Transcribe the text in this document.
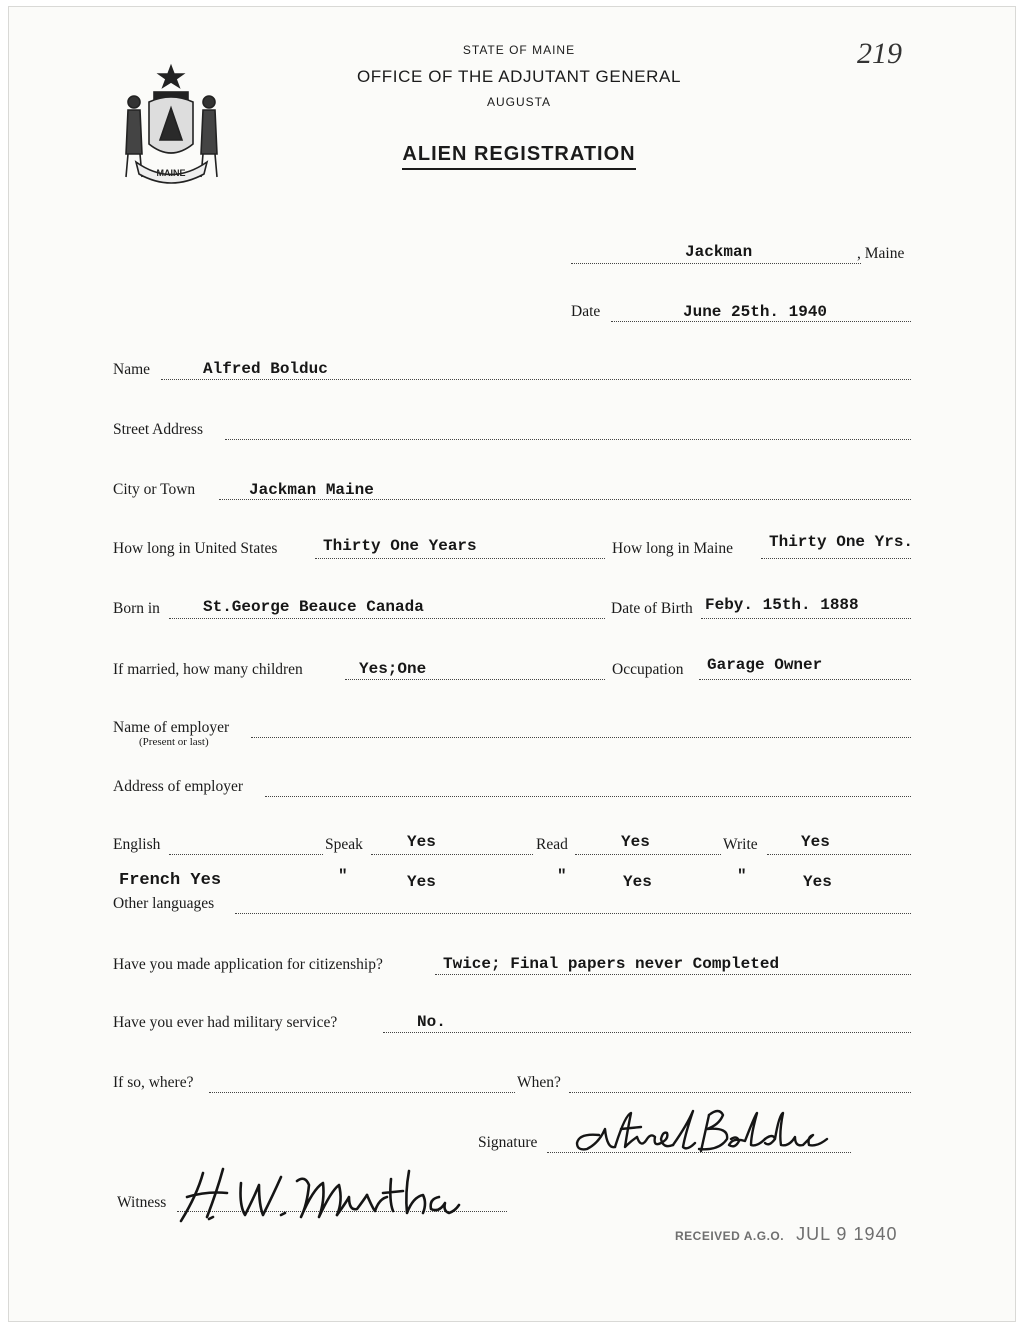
MAINE
STATE OF MAINE
OFFICE OF THE ADJUTANT GENERAL
AUGUSTA
ALIEN REGISTRATION
219
Jackman	, Maine
Date	June 25th. 1940
Name	Alfred Bolduc
Street Address
City or Town	Jackman Maine
How long in United States	Thirty One Years	How long in Maine Thirty One Yrs.
Born in	St.George Beauce Canada	Date of Birth Feby. 15th. 1888
If married, how many children	Yes;One	Occupation Garage Owner
Name of employer
(Present or last)
Address of employer
English	Speak	Yes	Read	Yes	Write	Yes
French Yes	"	Yes	"	Yes	"	Yes
Other languages
Have you made application for citizenship?	Twice; Final papers never Completed
Have you ever had military service?	No.
If so, where?	When?
Signature
Witness
RECEIVED A.G.O. JUL 9 1940
